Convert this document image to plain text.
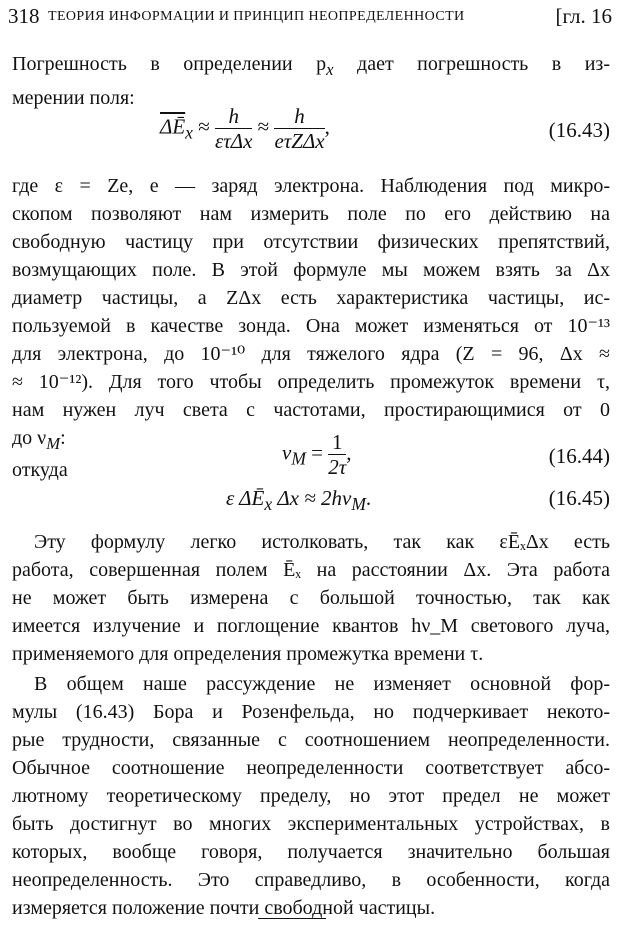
318 ТЕОРИЯ ИНФОРМАЦИИ И ПРИНЦИП НЕОПРЕДЕЛЕННОСТИ	[гл. 16
Погрешность в определении $p_x$ дает погрешность в из-
мерении поля:
$\overline{\Delta Ē}_x \approx \frac{h}{\text{ετΔx}} \approx \frac{h}{\text{eτZΔx}}$ ,	(16.43)
где ε = Ze, e — заряд электрона. Наблюдения под микро-
скопом позволяют нам измерить поле по его действию на
свободную частицу при отсутствии физических препятствий,
возмущающих поле. В этой формуле мы можем взять за Δx
диаметр частицы, а ZΔx есть характеристика частицы, ис-
пользуемой в качестве зонда. Она может изменяться от 10⁻¹³
для электрона, до 10⁻¹⁰ для тяжелого ядра (Z = 96, Δx ≈
≈ 10⁻¹²). Для того чтобы определить промежуток времени τ,
нам нужен луч света с частотами, простирающимися от 0
до $\nu_M$:
$\nu_M = \frac{1}{2\tau}$ ,	(16.44)
откуда
ε $\Delta Ē_x$ $\Delta x \approx 2h\nu_M$.	(16.45)
Эту формулу легко истолковать, так как εĒₓΔx есть
работа, совершенная полем Ēₓ на расстоянии Δx. Эта работа
не может быть измерена с большой точностью, так как
имеется излучение и поглощение квантов hν_M светового луча,
применяемого для определения промежутка времени τ.
В общем наше рассуждение не изменяет основной фор-
мулы (16.43) Бора и Розенфельда, но подчеркивает некото-
рые трудности, связанные с соотношением неопределенности.
Обычное соотношение неопределенности соответствует абсо-
лютному теоретическому пределу, но этот предел не может
быть достигнут во многих экспериментальных устройствах, в
которых, вообще говоря, получается значительно большая
неопределенность. Это справедливо, в особенности, когда
измеряется положение почти свободной частицы.
